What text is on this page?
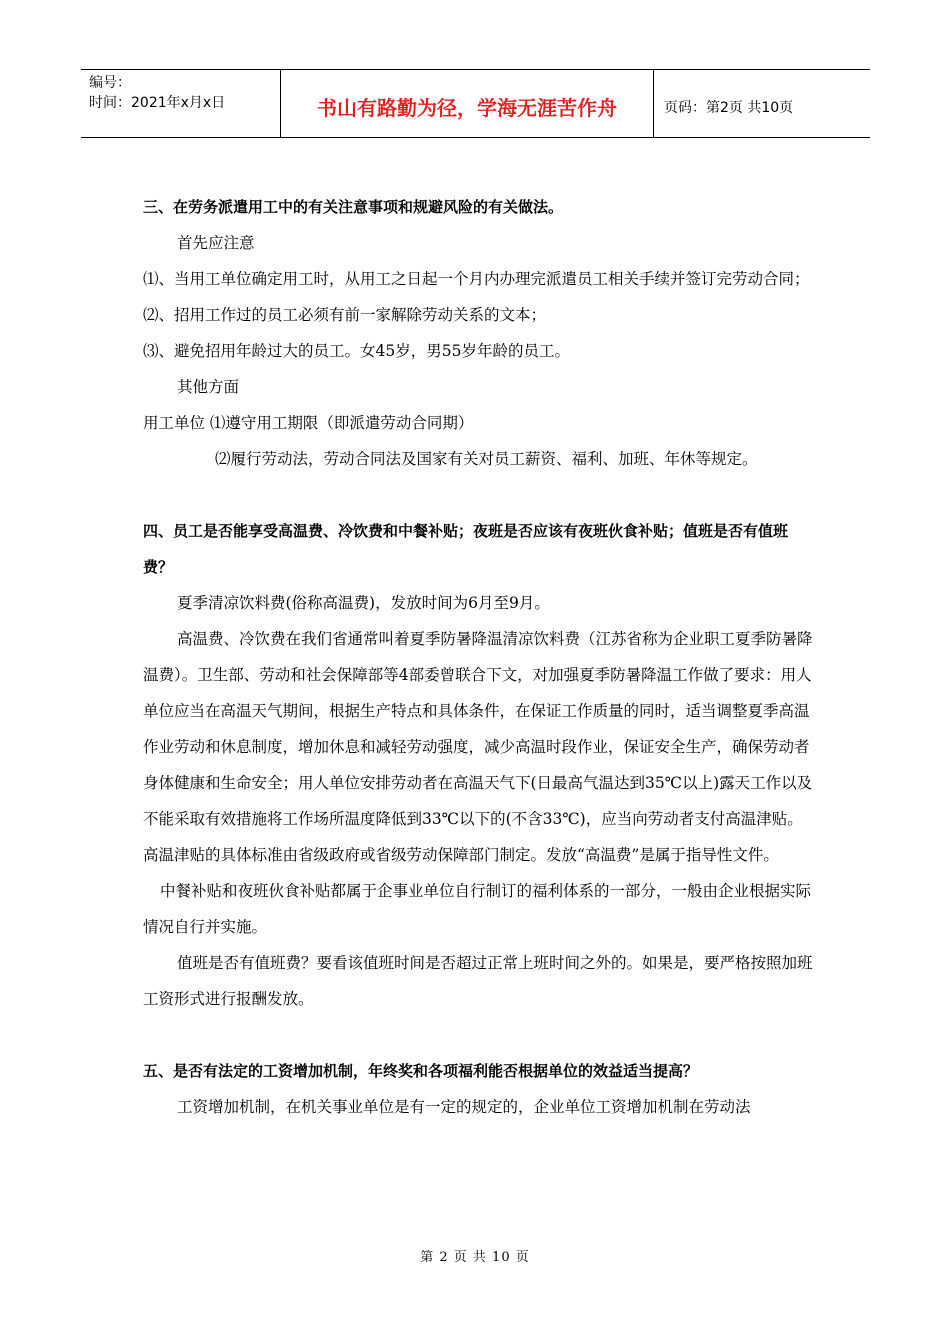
编号：
时间：2021年x月x日	书山有路勤为径，学海无涯苦作舟	页码：第2页 共10页

三、在劳务派遣用工中的有关注意事项和规避风险的有关做法。

首先应注意

⑴、当用工单位确定用工时，从用工之日起一个月内办理完派遣员工相关手续并签订完劳动合同；

⑵、招用工作过的员工必须有前一家解除劳动关系的文本；

⑶、避免招用年龄过大的员工。女45岁，男55岁年龄的员工。

其他方面

用工单位 ⑴遵守用工期限（即派遣劳动合同期）

⑵履行劳动法，劳动合同法及国家有关对员工薪资、福利、加班、年休等规定。

四、员工是否能享受高温费、冷饮费和中餐补贴；夜班是否应该有夜班伙食补贴；值班是否有值班费？

夏季清凉饮料费(俗称高温费)，发放时间为6月至9月。

高温费、冷饮费在我们省通常叫着夏季防暑降温清凉饮料费（江苏省称为企业职工夏季防暑降温费）。卫生部、劳动和社会保障部等4部委曾联合下文，对加强夏季防暑降温工作做了要求：用人单位应当在高温天气期间，根据生产特点和具体条件，在保证工作质量的同时，适当调整夏季高温作业劳动和休息制度，增加休息和减轻劳动强度，减少高温时段作业，保证安全生产，确保劳动者身体健康和生命安全；用人单位安排劳动者在高温天气下(日最高气温达到35℃以上)露天工作以及不能采取有效措施将工作场所温度降低到33℃以下的(不含33℃)，应当向劳动者支付高温津贴。高温津贴的具体标准由省级政府或省级劳动保障部门制定。发放“高温费”是属于指导性文件。

中餐补贴和夜班伙食补贴都属于企事业单位自行制订的福利体系的一部分，一般由企业根据实际情况自行并实施。

值班是否有值班费？要看该值班时间是否超过正常上班时间之外的。如果是，要严格按照加班工资形式进行报酬发放。

五、是否有法定的工资增加机制，年终奖和各项福利能否根据单位的效益适当提高？

工资增加机制，在机关事业单位是有一定的规定的，企业单位工资增加机制在劳动法

第 2 页 共 10 页
